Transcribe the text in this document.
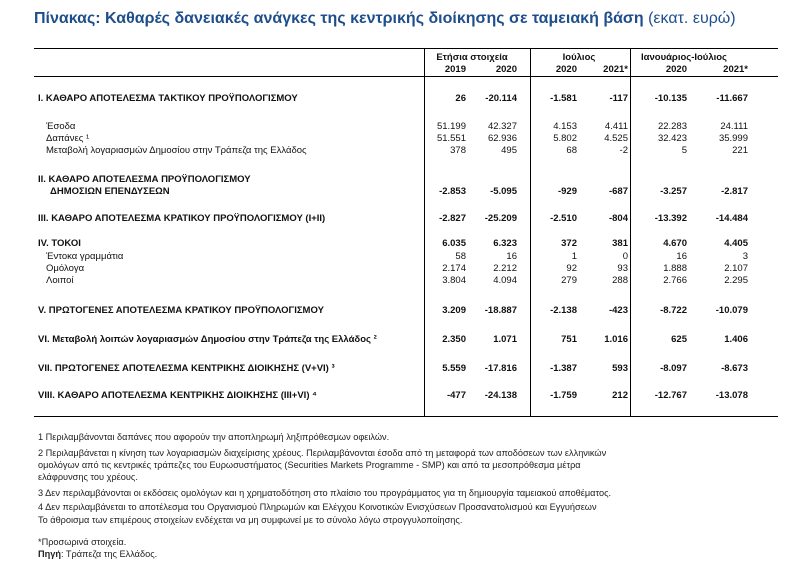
Πίνακας: Καθαρές δανειακές ανάγκες της κεντρικής διοίκησης σε ταμειακή βάση (εκατ. ευρώ)
Ετήσια στοιχεία	Ιούλιος	Ιανουάριος-Ιούλιος
2019	2020	2020	2021*	2020	2021*
Ι. ΚΑΘΑΡΟ ΑΠΟΤΕΛΕΣΜΑ ΤΑΚΤΙΚΟΥ ΠΡΟΫΠΟΛΟΓΙΣΜΟΥ	26	-20.114	-1.581	-117	-10.135	-11.667
Έσοδα	51.199	42.327	4.153	4.411	22.283	24.111
Δαπάνες ¹	51.551	62.936	5.802	4.525	32.423	35.999
Μεταβολή λογαριασμών Δημοσίου στην Τράπεζα της Ελλάδος	378	495	68	-2	5	221
ΙΙ. ΚΑΘΑΡΟ ΑΠΟΤΕΛΕΣΜΑ ΠΡΟΫΠΟΛΟΓΙΣΜΟΥ
ΔΗΜΟΣΙΩΝ ΕΠΕΝΔΥΣΕΩΝ	-2.853	-5.095	-929	-687	-3.257	-2.817
ΙΙΙ. ΚΑΘΑΡΟ ΑΠΟΤΕΛΕΣΜΑ ΚΡΑΤΙΚΟΥ ΠΡΟΫΠΟΛΟΓΙΣΜΟΥ (Ι+ΙΙ)	-2.827	-25.209	-2.510	-804	-13.392	-14.484
ΙV. ΤΟΚΟΙ	6.035	6.323	372	381	4.670	4.405
Έντοκα γραμμάτια	58	16	1	0	16	3
Ομόλογα	2.174	2.212	92	93	1.888	2.107
Λοιποί	3.804	4.094	279	288	2.766	2.295
V. ΠΡΩΤΟΓΕΝΕΣ ΑΠΟΤΕΛΕΣΜΑ ΚΡΑΤΙΚΟΥ ΠΡΟΫΠΟΛΟΓΙΣΜΟΥ	3.209	-18.887	-2.138	-423	-8.722	-10.079
VΙ. Μεταβολή λοιπών λογαριασμών Δημοσίου στην Τράπεζα της Ελλάδος ²	2.350	1.071	751	1.016	625	1.406
VΙΙ. ΠΡΩΤΟΓΕΝΕΣ ΑΠΟΤΕΛΕΣΜΑ ΚΕΝΤΡΙΚΗΣ ΔΙΟΙΚΗΣΗΣ (V+VI) ³	5.559	-17.816	-1.387	593	-8.097	-8.673
VΙΙΙ. ΚΑΘΑΡΟ ΑΠΟΤΕΛΕΣΜΑ ΚΕΝΤΡΙΚΗΣ ΔΙΟΙΚΗΣΗΣ (ΙΙΙ+VΙ) ⁴	-477	-24.138	-1.759	212	-12.767	-13.078
1 Περιλαμβάνονται δαπάνες που αφορούν την αποπληρωμή ληξιπρόθεσμων οφειλών.
2 Περιλαμβάνεται η κίνηση των λογαριασμών διαχείρισης χρέους. Περιλαμβάνονται έσοδα από τη μεταφορά των αποδόσεων των ελληνικών
ομολόγων από τις κεντρικές τράπεζες του Ευρωσυστήματος (Securities Markets Programme - SMP) και από τα μεσοπρόθεσμα μέτρα
ελάφρυνσης του χρέους.
3 Δεν περιλαμβάνονται οι εκδόσεις ομολόγων και η χρηματοδότηση στο πλαίσιο του προγράμματος για τη δημιουργία ταμειακού αποθέματος.
4 Δεν περιλαμβάνεται το αποτέλεσμα του Οργανισμού Πληρωμών και Ελέγχου Κοινοτικών Ενισχύσεων Προσανατολισμού και Εγγυήσεων
Το άθροισμα των επιμέρους στοιχείων ενδέχεται να μη συμφωνεί με το σύνολο λόγω στρογγυλοποίησης.
*Προσωρινά στοιχεία.
Πηγή: Τράπεζα της Ελλάδος.
